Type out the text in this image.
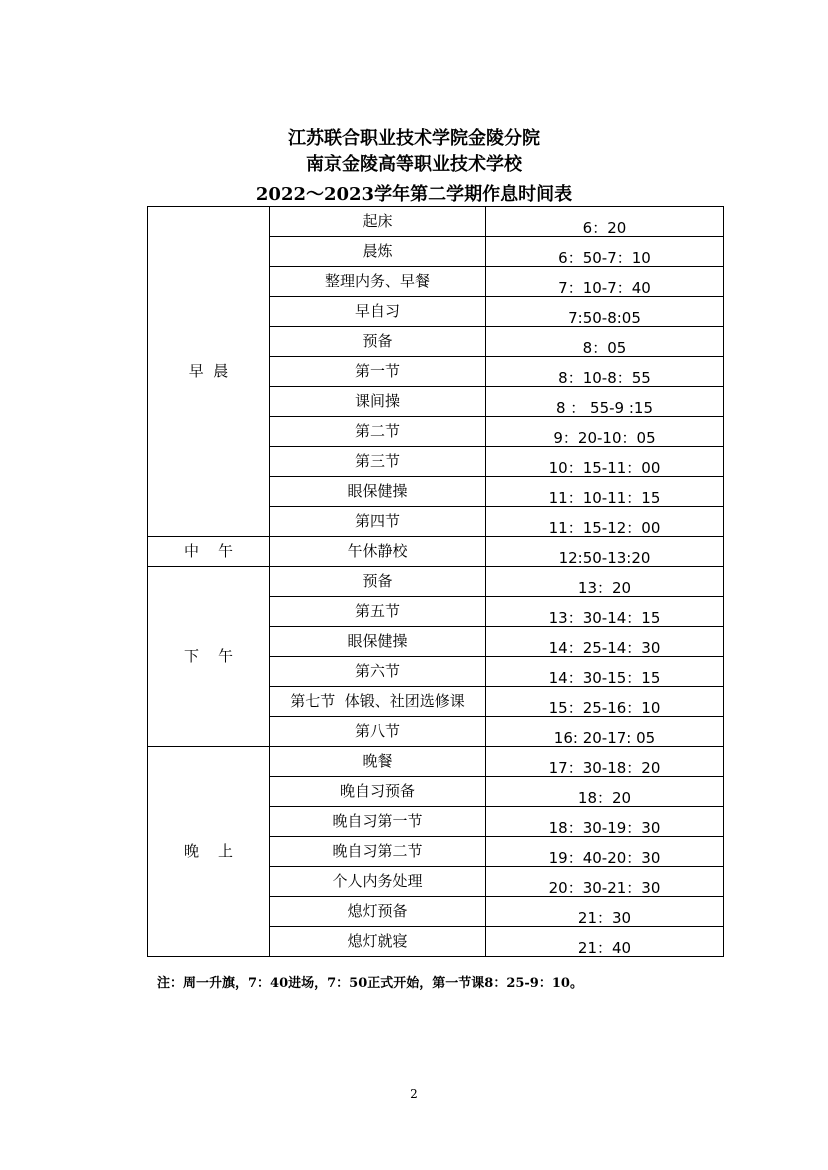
江苏联合职业技术学院金陵分院
南京金陵高等职业技术学校
2022～2023学年第二学期作息时间表
早  晨	起床	6：20
	晨炼	6：50-7：10
	整理内务、早餐	7：10-7：40
	早自习	7:50-8:05
	预备	8：05
	第一节	8：10-8：55
	课间操	8 ： 55-9 :15
	第二节	9：20-10：05
	第三节	10：15-11：00
	眼保健操	11：10-11：15
	第四节	11：15-12：00
中    午	午休静校	12:50-13:20
下    午	预备	13：20
	第五节	13：30-14：15
	眼保健操	14：25-14：30
	第六节	14：30-15：15
	第七节  体锻、社团选修课	15：25-16：10
	第八节	16: 20-17: 05
晚    上	晚餐	17：30-18：20
	晚自习预备	18：20
	晚自习第一节	18：30-19：30
	晚自习第二节	19：40-20：30
	个人内务处理	20：30-21：30
	熄灯预备	21：30
	熄灯就寝	21：40
注：周一升旗，7：40进场，7：50正式开始，第一节课8：25-9：10。
2
